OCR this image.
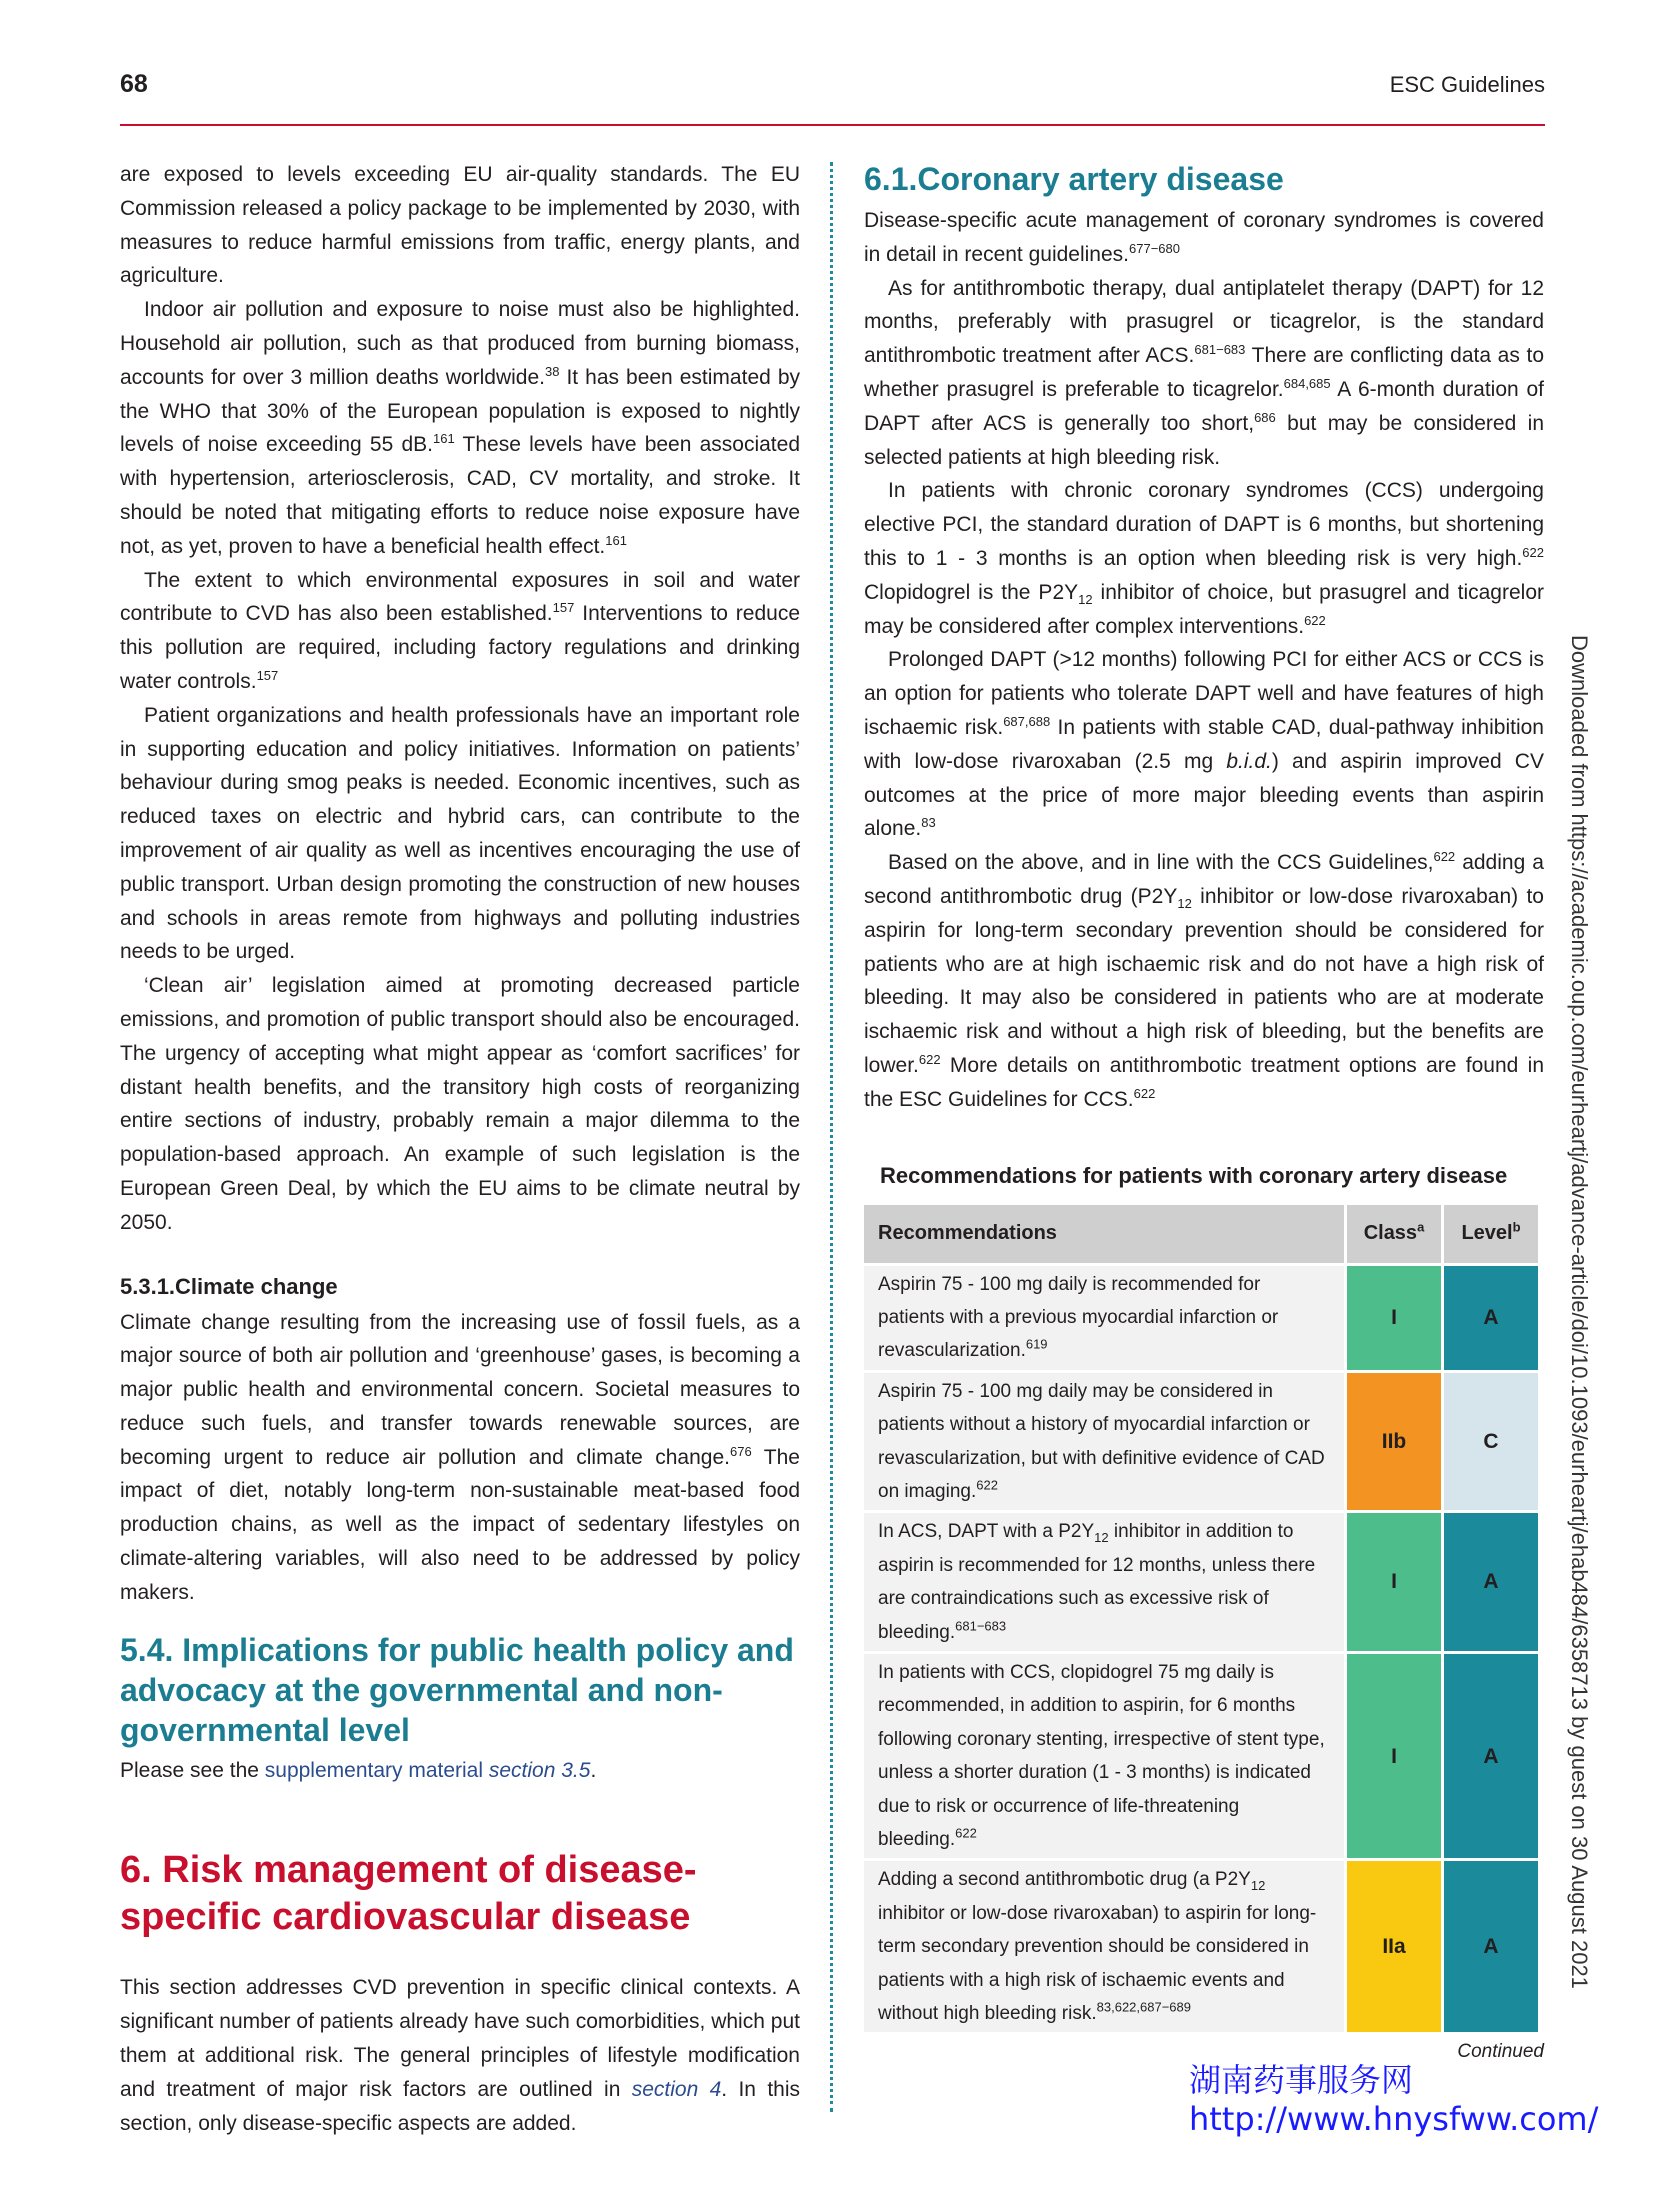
68	ESC Guidelines

are exposed to levels exceeding EU air-quality standards. The EU Commission released a policy package to be implemented by 2030, with measures to reduce harmful emissions from traffic, energy plants, and agriculture.

Indoor air pollution and exposure to noise must also be highlighted. Household air pollution, such as that produced from burning biomass, accounts for over 3 million deaths worldwide.$^{38}$ It has been estimated by the WHO that 30% of the European population is exposed to nightly levels of noise exceeding 55 dB.$^{161}$ These levels have been associated with hypertension, arteriosclerosis, CAD, CV mortality, and stroke. It should be noted that mitigating efforts to reduce noise exposure have not, as yet, proven to have a beneficial health effect.$^{161}$

The extent to which environmental exposures in soil and water contribute to CVD has also been established.$^{157}$ Interventions to reduce this pollution are required, including factory regulations and drinking water controls.$^{157}$

Patient organizations and health professionals have an important role in supporting education and policy initiatives. Information on patients’ behaviour during smog peaks is needed. Economic incentives, such as reduced taxes on electric and hybrid cars, can contribute to the improvement of air quality as well as incentives encouraging the use of public transport. Urban design promoting the construction of new houses and schools in areas remote from highways and polluting industries needs to be urged.

‘Clean air’ legislation aimed at promoting decreased particle emissions, and promotion of public transport should also be encouraged. The urgency of accepting what might appear as ‘comfort sacrifices’ for distant health benefits, and the transitory high costs of reorganizing entire sections of industry, probably remain a major dilemma to the population-based approach. An example of such legislation is the European Green Deal, by which the EU aims to be climate neutral by 2050.

5.3.1.Climate change

Climate change resulting from the increasing use of fossil fuels, as a major source of both air pollution and ‘greenhouse’ gases, is becoming a major public health and environmental concern. Societal measures to reduce such fuels, and transfer towards renewable sources, are becoming urgent to reduce air pollution and climate change.$^{676}$ The impact of diet, notably long-term non-sustainable meat-based food production chains, as well as the impact of sedentary lifestyles on climate-altering variables, will also need to be addressed by policy makers.

5.4. Implications for public health policy and advocacy at the governmental and non-governmental level

Please see the supplementary material section 3.5.

6. Risk management of disease-specific cardiovascular disease

This section addresses CVD prevention in specific clinical contexts. A significant number of patients already have such comorbidities, which put them at additional risk. The general principles of lifestyle modification and treatment of major risk factors are outlined in section 4. In this section, only disease-specific aspects are added.

6.1.Coronary artery disease

Disease-specific acute management of coronary syndromes is covered in detail in recent guidelines.$^{677-680}$

As for antithrombotic therapy, dual antiplatelet therapy (DAPT) for 12 months, preferably with prasugrel or ticagrelor, is the standard antithrombotic treatment after ACS.$^{681-683}$ There are conflicting data as to whether prasugrel is preferable to ticagrelor.$^{684,685}$ A 6-month duration of DAPT after ACS is generally too short,$^{686}$ but may be considered in selected patients at high bleeding risk.

In patients with chronic coronary syndromes (CCS) undergoing elective PCI, the standard duration of DAPT is 6 months, but shortening this to 1 - 3 months is an option when bleeding risk is very high.$^{622}$ Clopidogrel is the $P2Y_{12}$ inhibitor of choice, but prasugrel and ticagrelor may be considered after complex interventions.$^{622}$

Prolonged DAPT (>12 months) following PCI for either ACS or CCS is an option for patients who tolerate DAPT well and have features of high ischaemic risk.$^{687,688}$ In patients with stable CAD, dual-pathway inhibition with low-dose rivaroxaban (2.5 mg b.i.d.) and aspirin improved CV outcomes at the price of more major bleeding events than aspirin alone.$^{83}$

Based on the above, and in line with the CCS Guidelines,$^{622}$ adding a second antithrombotic drug ($P2Y_{12}$ inhibitor or low-dose rivaroxaban) to aspirin for long-term secondary prevention should be considered for patients who are at high ischaemic risk and do not have a high risk of bleeding. It may also be considered in patients who are at moderate ischaemic risk and without a high risk of bleeding, but the benefits are lower.$^{622}$ More details on antithrombotic treatment options are found in the ESC Guidelines for CCS.$^{622}$

Recommendations for patients with coronary artery disease
Recommendations	Class$^a$	Level$^b$
Aspirin 75 - 100 mg daily is recommended for patients with a previous myocardial infarction or revascularization.$^{619}$	I	A
Aspirin 75 - 100 mg daily may be considered in patients without a history of myocardial infarction or revascularization, but with definitive evidence of CAD on imaging.$^{622}$	IIb	C
In ACS, DAPT with a $P2Y_{12}$ inhibitor in addition to aspirin is recommended for 12 months, unless there are contraindications such as excessive risk of bleeding.$^{681-683}$	I	A
In patients with CCS, clopidogrel 75 mg daily is recommended, in addition to aspirin, for 6 months following coronary stenting, irrespective of stent type, unless a shorter duration (1 - 3 months) is indicated due to risk or occurrence of life-threatening bleeding.$^{622}$	I	A
Adding a second antithrombotic drug (a $P2Y_{12}$ inhibitor or low-dose rivaroxaban) to aspirin for long-term secondary prevention should be considered in patients with a high risk of ischaemic events and without high bleeding risk.$^{83,622,687-689}$	IIa	A
Continued
Downloaded from https://academic.oup.com/eurheartj/advance-article/doi/10.1093/eurheartj/ehab484/6358713 by guest on 30 August 2021
湖南药事服务网
http://www.hnysfww.com/
